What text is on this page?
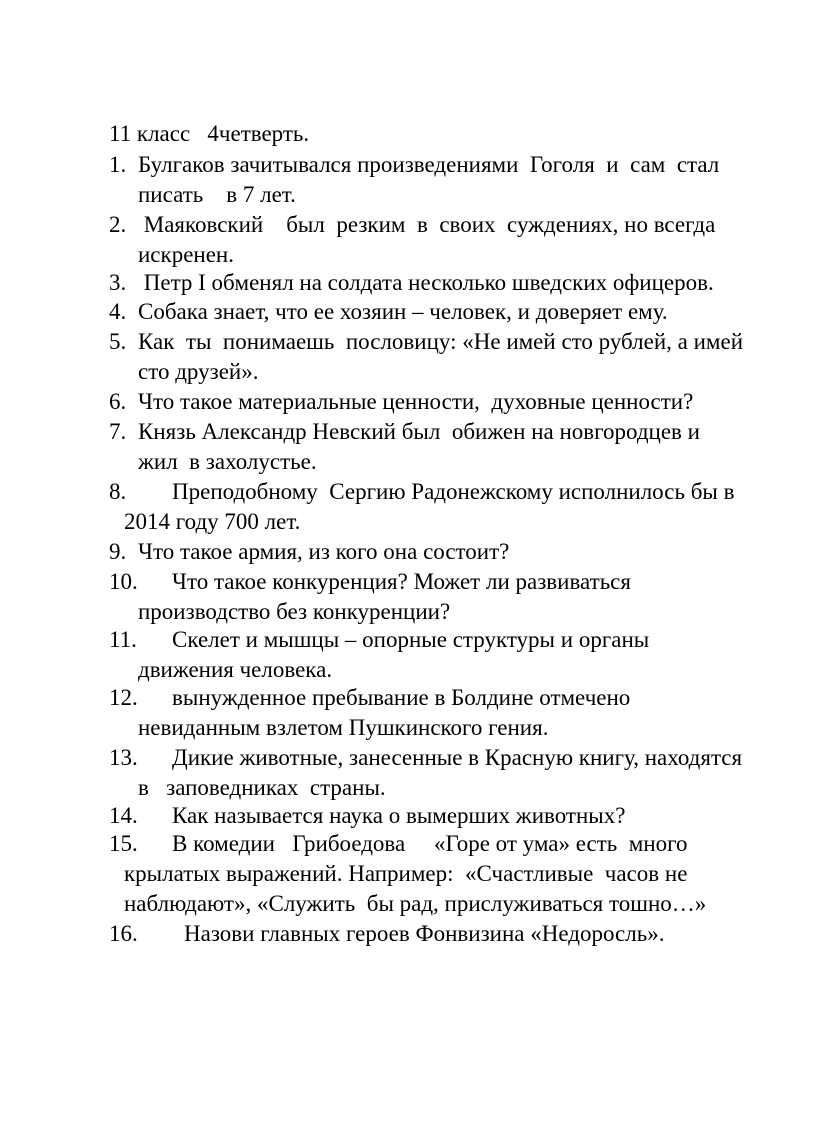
11 класс   4четверть.
1. Булгаков зачитывался произведениями  Гоголя  и  сам  стал
писать    в 7 лет.
2. Маяковский    был  резким  в  своих  суждениях, но всегда
искренен.
3. Петр I обменял на солдата несколько шведских офицеров.
4. Собака знает, что ее хозяин – человек, и доверяет ему.
5. Как  ты  понимаешь  пословицу: «Не имей сто рублей, а имей
сто друзей».
6. Что такое материальные ценности,  духовные ценности?
7. Князь Александр Невский был  обижен на новгородцев и
жил  в захолустье.
8. Преподобному  Сергию Радонежскому исполнилось бы в
2014 году 700 лет.
9. Что такое армия, из кого она состоит?
10. Что такое конкуренция? Может ли развиваться
производство без конкуренции?
11. Скелет и мышцы – опорные структуры и органы
движения человека.
12. вынужденное пребывание в Болдине отмечено
невиданным взлетом Пушкинского гения.
13. Дикие животные, занесенные в Красную книгу, находятся
в   заповедниках  страны.
14. Как называется наука о вымерших животных?
15. В комедии   Грибоедова     «Горе от ума» есть  много
крылатых выражений. Например:  «Счастливые  часов не
наблюдают», «Служить  бы рад, прислуживаться тошно…»
16. Назови главных героев Фонвизина «Недоросль».
